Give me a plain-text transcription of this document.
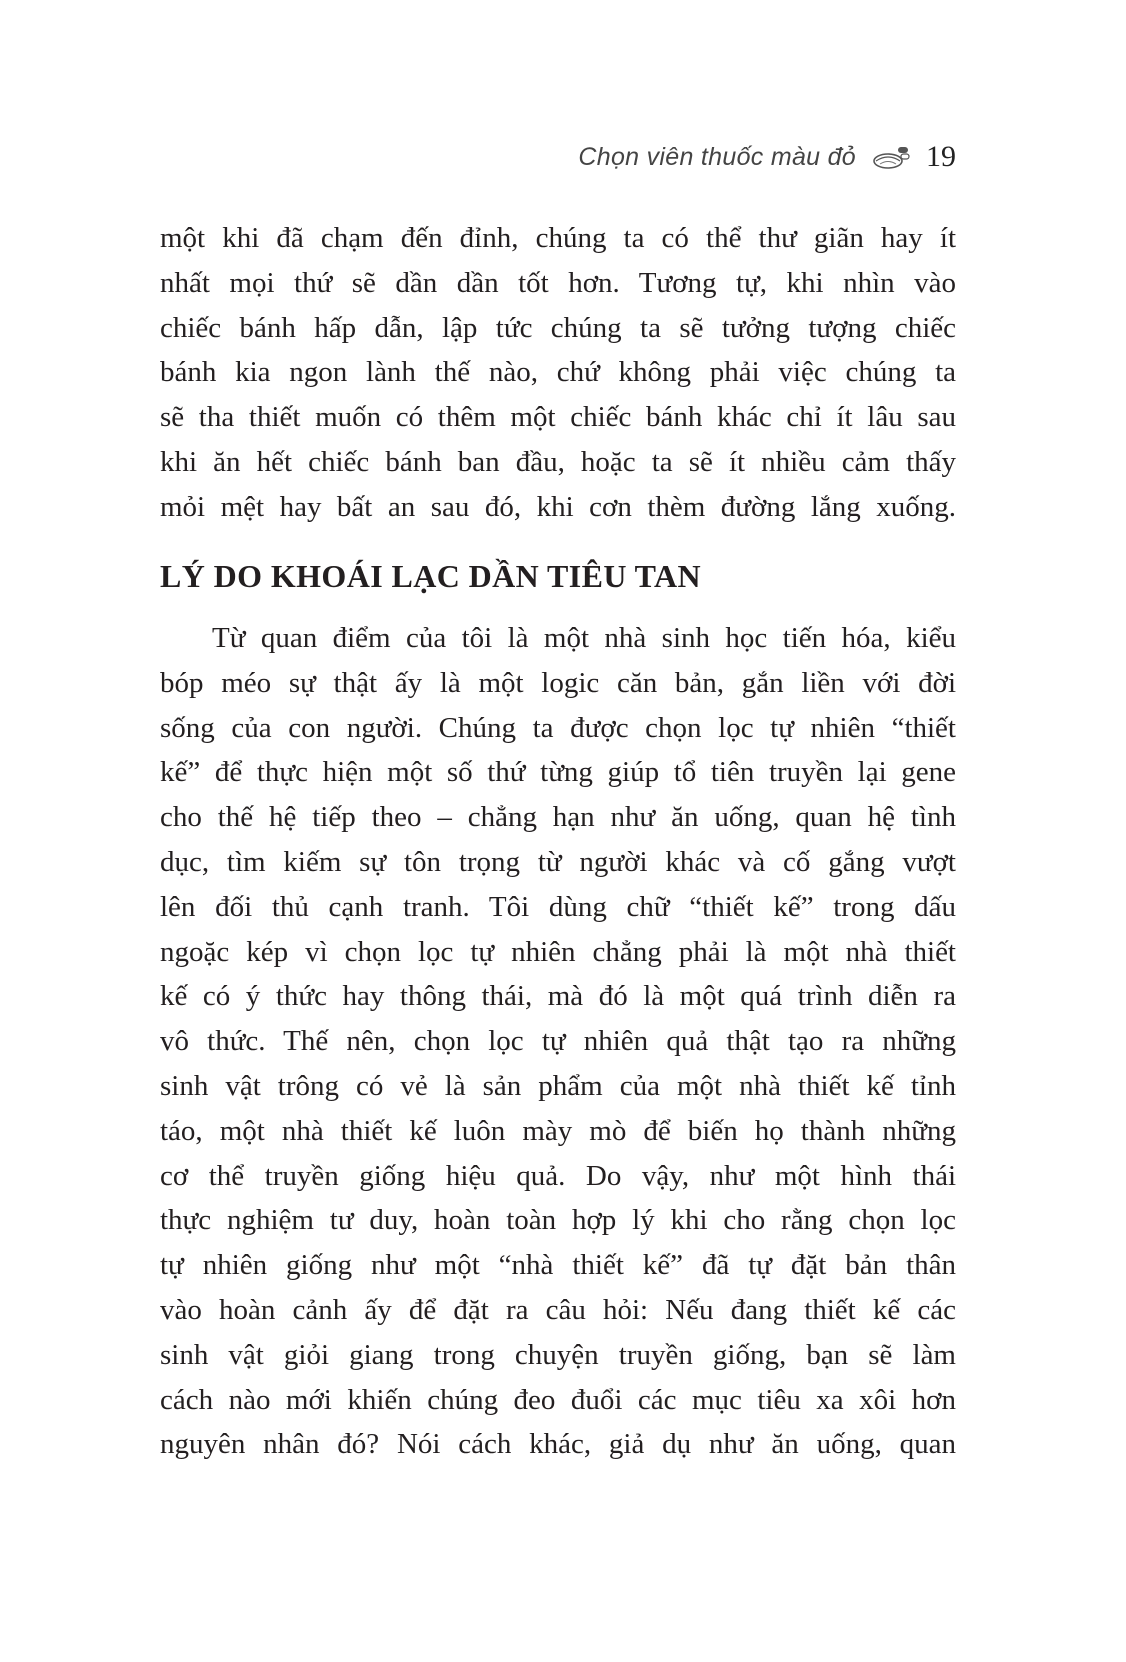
Chọn viên thuốc màu đỏ 19
một khi đã chạm đến đỉnh, chúng ta có thể thư giãn hay ít
nhất mọi thứ sẽ dần dần tốt hơn. Tương tự, khi nhìn vào
chiếc bánh hấp dẫn, lập tức chúng ta sẽ tưởng tượng chiếc
bánh kia ngon lành thế nào, chứ không phải việc chúng ta
sẽ tha thiết muốn có thêm một chiếc bánh khác chỉ ít lâu sau
khi ăn hết chiếc bánh ban đầu, hoặc ta sẽ ít nhiều cảm thấy
mỏi mệt hay bất an sau đó, khi cơn thèm đường lắng xuống.
LÝ DO KHOÁI LẠC DẦN TIÊU TAN
Từ quan điểm của tôi là một nhà sinh học tiến hóa, kiểu
bóp méo sự thật ấy là một logic căn bản, gắn liền với đời
sống của con người. Chúng ta được chọn lọc tự nhiên “thiết
kế” để thực hiện một số thứ từng giúp tổ tiên truyền lại gene
cho thế hệ tiếp theo – chẳng hạn như ăn uống, quan hệ tình
dục, tìm kiếm sự tôn trọng từ người khác và cố gắng vượt
lên đối thủ cạnh tranh. Tôi dùng chữ “thiết kế” trong dấu
ngoặc kép vì chọn lọc tự nhiên chẳng phải là một nhà thiết
kế có ý thức hay thông thái, mà đó là một quá trình diễn ra
vô thức. Thế nên, chọn lọc tự nhiên quả thật tạo ra những
sinh vật trông có vẻ là sản phẩm của một nhà thiết kế tỉnh
táo, một nhà thiết kế luôn mày mò để biến họ thành những
cơ thể truyền giống hiệu quả. Do vậy, như một hình thái
thực nghiệm tư duy, hoàn toàn hợp lý khi cho rằng chọn lọc
tự nhiên giống như một “nhà thiết kế” đã tự đặt bản thân
vào hoàn cảnh ấy để đặt ra câu hỏi: Nếu đang thiết kế các
sinh vật giỏi giang trong chuyện truyền giống, bạn sẽ làm
cách nào mới khiến chúng đeo đuổi các mục tiêu xa xôi hơn
nguyên nhân đó? Nói cách khác, giả dụ như ăn uống, quan
